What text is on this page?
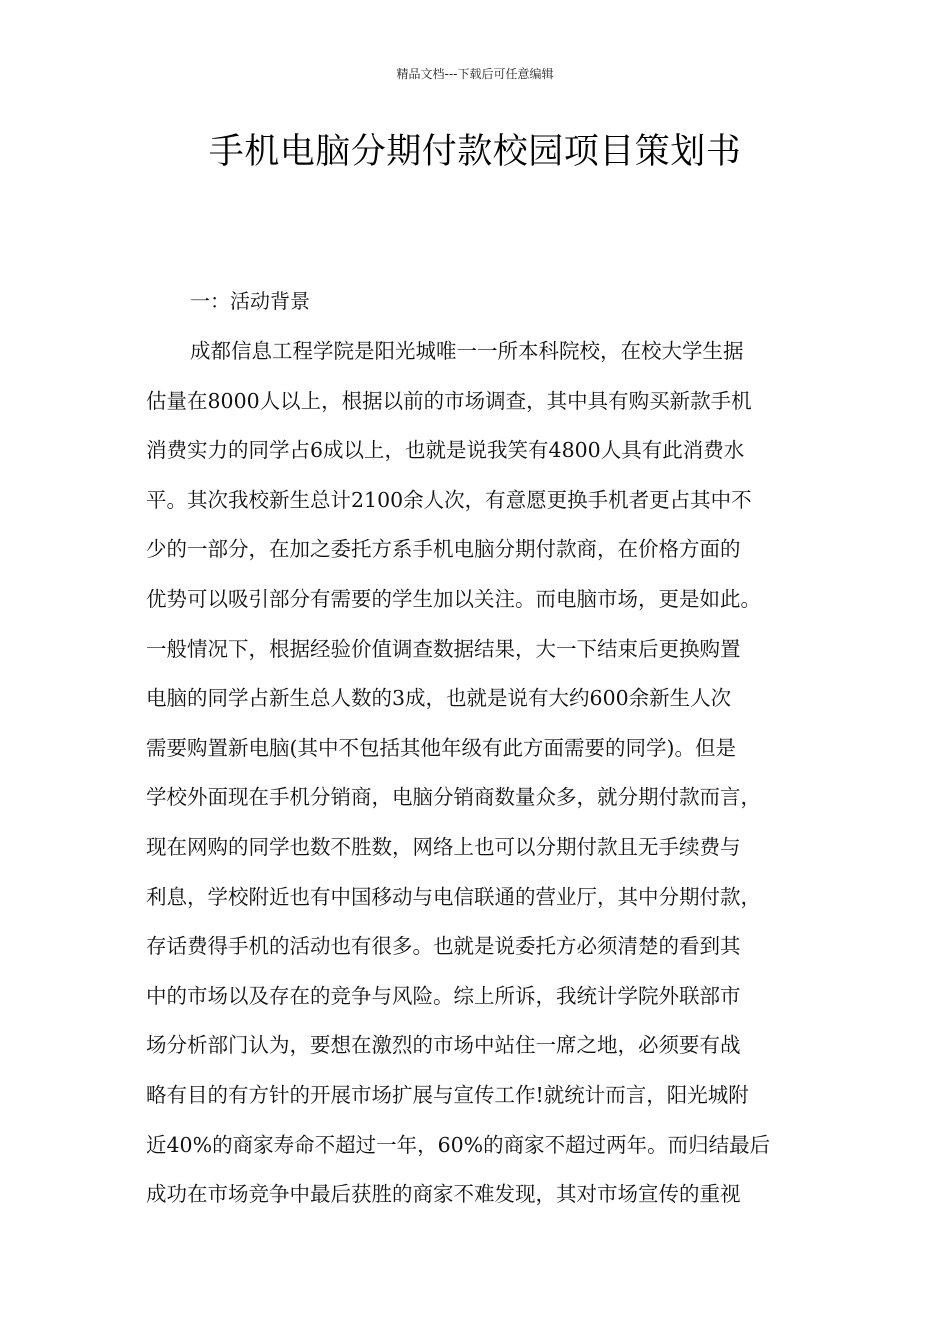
精品文档---下载后可任意编辑
手机电脑分期付款校园项目策划书
一：活动背景
成都信息工程学院是阳光城唯一一所本科院校，在校大学生据
估量在8000人以上，根据以前的市场调查，其中具有购买新款手机
消费实力的同学占6成以上，也就是说我笑有4800人具有此消费水
平。其次我校新生总计2100余人次，有意愿更换手机者更占其中不
少的一部分，在加之委托方系手机电脑分期付款商，在价格方面的
优势可以吸引部分有需要的学生加以关注。而电脑市场，更是如此。
一般情况下，根据经验价值调查数据结果，大一下结束后更换购置
电脑的同学占新生总人数的3成，也就是说有大约600余新生人次
需要购置新电脑(其中不包括其他年级有此方面需要的同学)。但是
学校外面现在手机分销商，电脑分销商数量众多，就分期付款而言，
现在网购的同学也数不胜数，网络上也可以分期付款且无手续费与
利息，学校附近也有中国移动与电信联通的营业厅，其中分期付款，
存话费得手机的活动也有很多。也就是说委托方必须清楚的看到其
中的市场以及存在的竞争与风险。综上所诉，我统计学院外联部市
场分析部门认为，要想在激烈的市场中站住一席之地，必须要有战
略有目的有方针的开展市场扩展与宣传工作!就统计而言，阳光城附
近40%的商家寿命不超过一年，60%的商家不超过两年。而归结最后
成功在市场竞争中最后获胜的商家不难发现，其对市场宣传的重视
